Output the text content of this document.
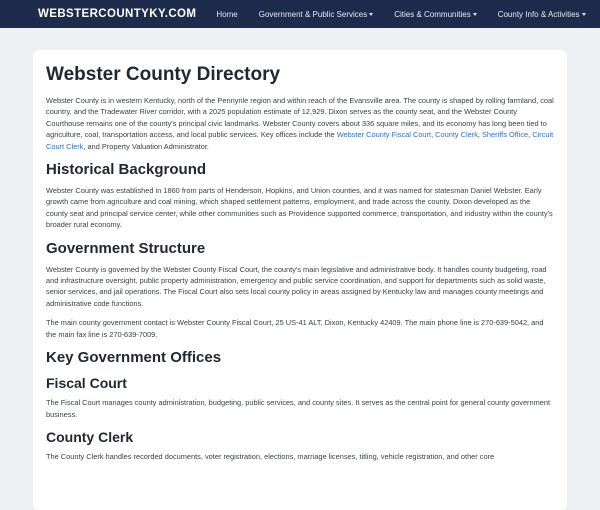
WEBSTERCOUNTYKY.COM	Home	Government & Public Services	Cities & Communities	County Info & Activities
Webster County Directory

Webster County is in western Kentucky, north of the Pennyrile region and within reach of the Evansville area. The county is shaped by rolling farmland, coal country, and the Tradewater River corridor, with a 2025 population estimate of 12,929. Dixon serves as the county seat, and the Webster County Courthouse remains one of the county's principal civic landmarks. Webster County covers about 336 square miles, and its economy has long been tied to agriculture, coal, transportation access, and local public services. Key offices include the Webster County Fiscal Court, County Clerk, Sheriffs Office, Circuit Court Clerk, and Property Valuation Administrator.

Historical Background

Webster County was established in 1860 from parts of Henderson, Hopkins, and Union counties, and it was named for statesman Daniel Webster. Early growth came from agriculture and coal mining, which shaped settlement patterns, employment, and trade across the county. Dixon developed as the county seat and principal service center, while other communities such as Providence supported commerce, transportation, and industry within the county's broader rural economy.

Government Structure

Webster County is governed by the Webster County Fiscal Court, the county's main legislative and administrative body. It handles county budgeting, road and infrastructure oversight, public property administration, emergency and public service coordination, and support for departments such as solid waste, senior services, and jail operations. The Fiscal Court also sets local county policy in areas assigned by Kentucky law and manages county meetings and administrative code functions.

The main county government contact is Webster County Fiscal Court, 25 US-41 ALT, Dixon, Kentucky 42409. The main phone line is 270-639-5042, and the main fax line is 270-639-7009.

Key Government Offices
Fiscal Court

The Fiscal Court manages county administration, budgeting, public services, and county sites. It serves as the central point for general county government business.

County Clerk

The County Clerk handles recorded documents, voter registration, elections, marriage licenses, titling, vehicle registration, and other core
